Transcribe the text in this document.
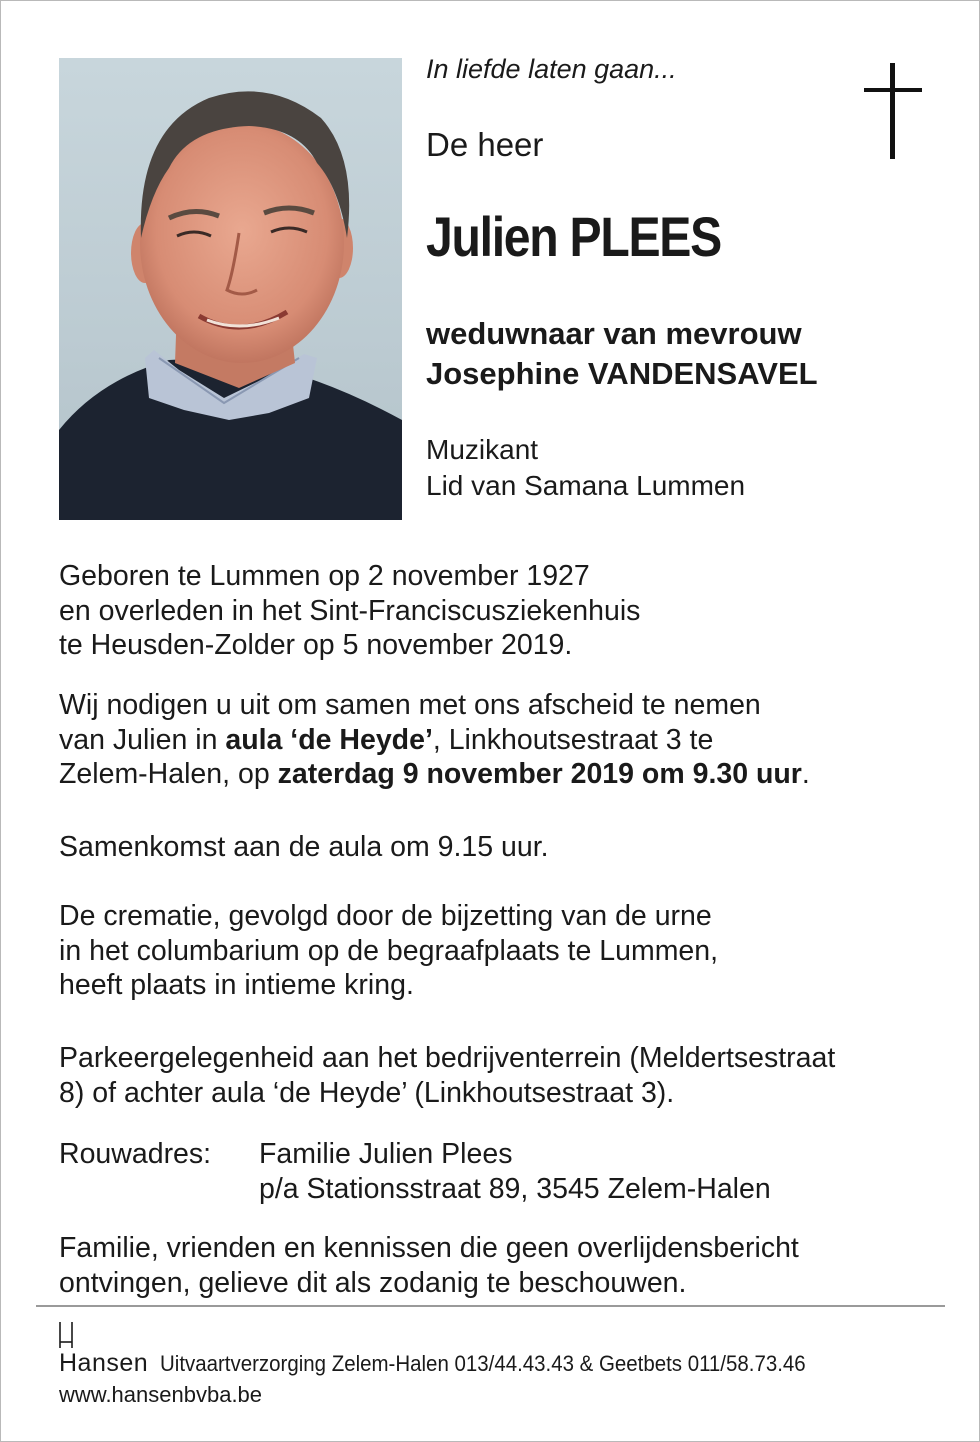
In liefde laten gaan...
De heer
Julien PLEES
weduwnaar van mevrouw
Josephine VANDENSAVEL
Muzikant
Lid van Samana Lummen
Geboren te Lummen op 2 november 1927
en overleden in het Sint-Franciscusziekenhuis
te Heusden-Zolder op 5 november 2019.
Wij nodigen u uit om samen met ons afscheid te nemen
van Julien in aula ‘de Heyde’, Linkhoutsestraat 3 te
Zelem-Halen, op zaterdag 9 november 2019 om 9.30 uur.
Samenkomst aan de aula om 9.15 uur.
De crematie, gevolgd door de bijzetting van de urne
in het columbarium op de begraafplaats te Lummen,
heeft plaats in intieme kring.
Parkeergelegenheid aan het bedrijventerrein (Meldertsestraat
8) of achter aula ‘de Heyde’ (Linkhoutsestraat 3).
Rouwadres: Familie Julien Plees
p/a Stationsstraat 89, 3545 Zelem-Halen
Familie, vrienden en kennissen die geen overlijdensbericht
ontvingen, gelieve dit als zodanig te beschouwen.
Hansen Uitvaartverzorging Zelem-Halen 013/44.43.43 & Geetbets 011/58.73.46
www.hansenbvba.be
